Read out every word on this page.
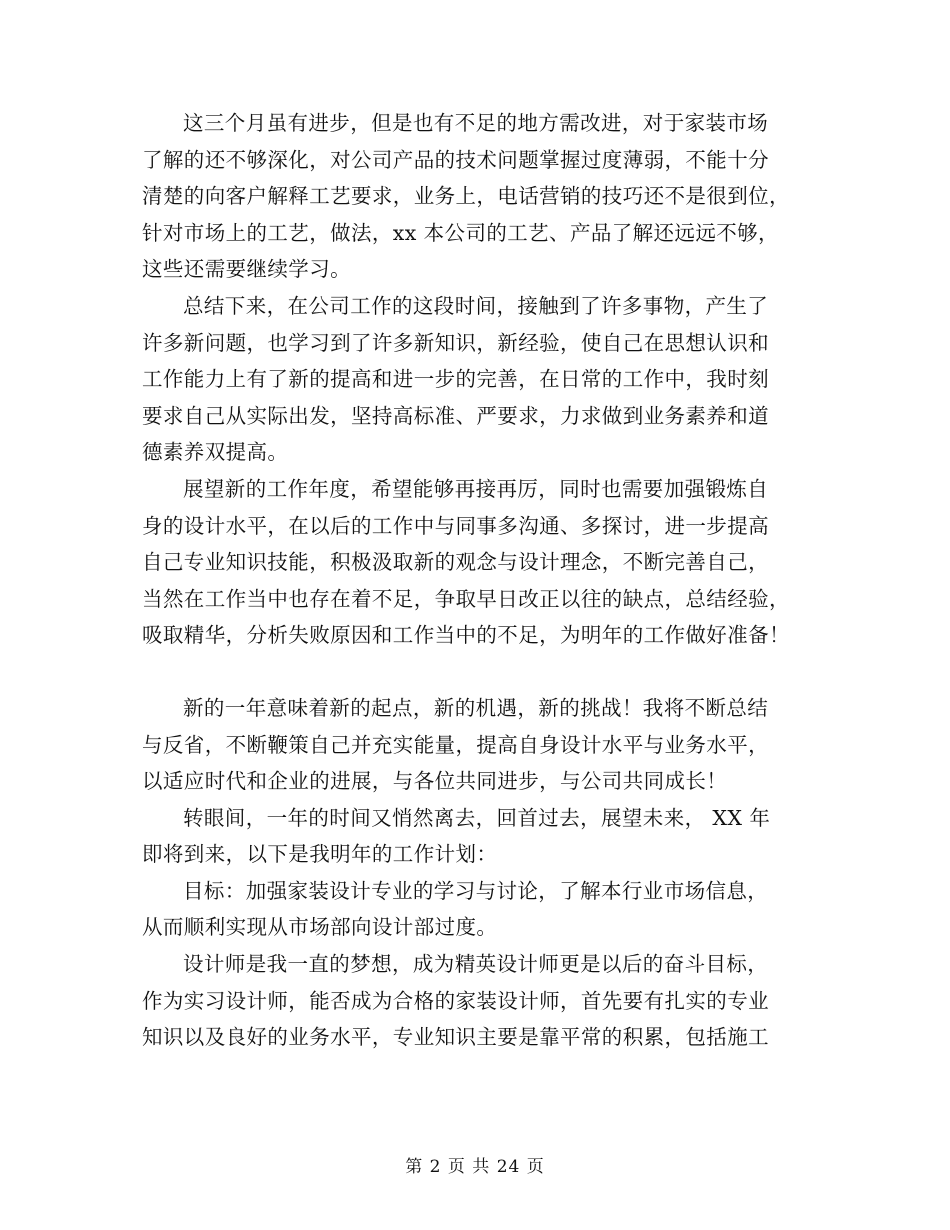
这三个月虽有进步，但是也有不足的地方需改进，对于家装市场
了解的还不够深化，对公司产品的技术问题掌握过度薄弱，不能十分
清楚的向客户解释工艺要求，业务上，电话营销的技巧还不是很到位，
针对市场上的工艺，做法，xx 本公司的工艺、产品了解还远远不够，
这些还需要继续学习。

总结下来，在公司工作的这段时间，接触到了许多事物，产生了
许多新问题，也学习到了许多新知识，新经验，使自己在思想认识和
工作能力上有了新的提高和进一步的完善，在日常的工作中，我时刻
要求自己从实际出发，坚持高标准、严要求，力求做到业务素养和道
德素养双提高。

展望新的工作年度，希望能够再接再厉，同时也需要加强锻炼自
身的设计水平，在以后的工作中与同事多沟通、多探讨，进一步提高
自己专业知识技能，积极汲取新的观念与设计理念，不断完善自己，
当然在工作当中也存在着不足，争取早日改正以往的缺点，总结经验，
吸取精华，分析失败原因和工作当中的不足，为明年的工作做好准备！

新的一年意味着新的起点，新的机遇，新的挑战！我将不断总结
与反省，不断鞭策自己并充实能量，提高自身设计水平与业务水平，
以适应时代和企业的进展，与各位共同进步，与公司共同成长！

转眼间，一年的时间又悄然离去，回首过去，展望未来， XX 年
即将到来，以下是我明年的工作计划：

目标：加强家装设计专业的学习与讨论，了解本行业市场信息，
从而顺利实现从市场部向设计部过度。

设计师是我一直的梦想，成为精英设计师更是以后的奋斗目标，
作为实习设计师，能否成为合格的家装设计师，首先要有扎实的专业
知识以及良好的业务水平，专业知识主要是靠平常的积累，包括施工

第 2 页 共 24 页
